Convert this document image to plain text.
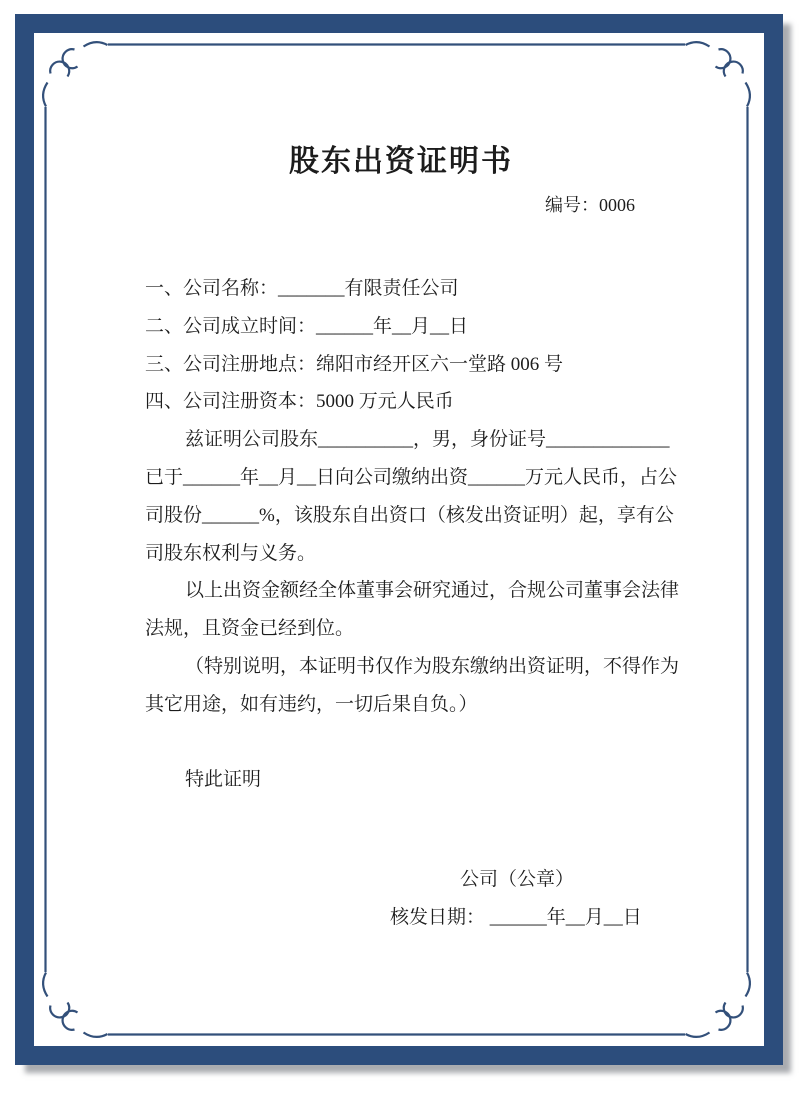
股东出资证明书
编号：0006
一、公司名称：_______有限责任公司
二、公司成立时间：______年__月__日
三、公司注册地点：绵阳市经开区六一堂路 006 号
四、公司注册资本：5000 万元人民币
兹证明公司股东__________，男，身份证号_____________
已于______年__月__日向公司缴纳出资______万元人民币，占公
司股份______%，该股东自出资口（核发出资证明）起，享有公
司股东权利与义务。
以上出资金额经全体董事会研究通过，合规公司董事会法律
法规，且资金已经到位。
（特别说明，本证明书仅作为股东缴纳出资证明，不得作为
其它用途，如有违约，一切后果自负。）
特此证明
公司（公章）
核发日期： ______年__月__日
